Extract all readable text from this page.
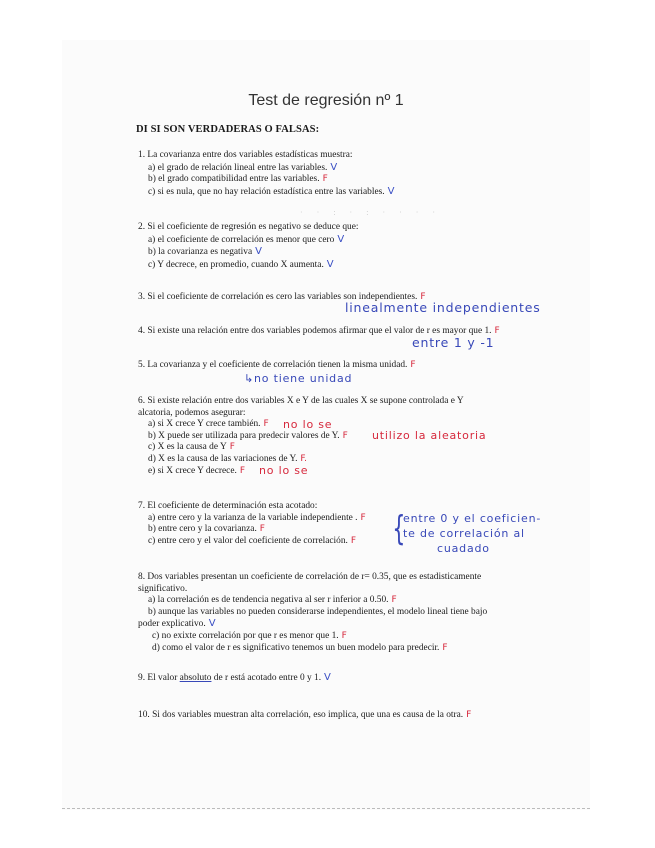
Test de regresión nº 1
DI SI SON VERDADERAS O FALSAS:
1. La covarianza entre dos variables estadísticas muestra:
a) el grado de relación lineal entre las variables. V
b) el grado compatibilidad entre las variables. F
c) si es nula, que no hay relación estadística entre las variables. V
· · : · : · · · ·
2. Si el coeficiente de regresión es negativo se deduce que:
a) el coeficiente de correlación es menor que cero V
b) la covarianza es negativa V
c) Y decrece, en promedio, cuando X aumenta. V
3. Si el coeficiente de correlación es cero las variables son independientes. F
linealmente independientes
4. Si existe una relación entre dos variables podemos afirmar que el valor de r es mayor que 1. F
entre 1 y -1
5. La covarianza y el coeficiente de correlación tienen la misma unidad. F
↳no tiene unidad
6. Si existe relación entre dos variables X e Y de las cuales X se supone controlada e Y
alcatoria, podemos asegurar:
a) si X crece Y crece también. F
b) X puede ser utilizada para predecir valores de Y. F
c) X es la causa de Y F
d) X es la causa de las variaciones de Y. F.
e) si X crece Y decrece. F
no lo se
utilizo la aleatoria
no lo se
7. El coeficiente de determinación esta acotado:
a) entre cero y la varianza de la variable independiente . F
b) entre cero y la covarianza. F
c) entre cero y el valor del coeficiente de correlación. F {
entre 0 y el coeficien-
te de correlación al
cuadado
8. Dos variables presentan un coeficiente de correlación de r= 0.35, que es estadisticamente
significativo.
a) la correlación es de tendencia negativa al ser r inferior a 0.50. F
b) aunque las variables no pueden considerarse independientes, el modelo lineal tiene bajo
poder explicativo. V
c) no exixte correlación por que r es menor que 1. F
d) como el valor de r es significativo tenemos un buen modelo para predecir. F
9. El valor absoluto de r está acotado entre 0 y 1. V
10. Si dos variables muestran alta correlación, eso implica, que una es causa de la otra. F
